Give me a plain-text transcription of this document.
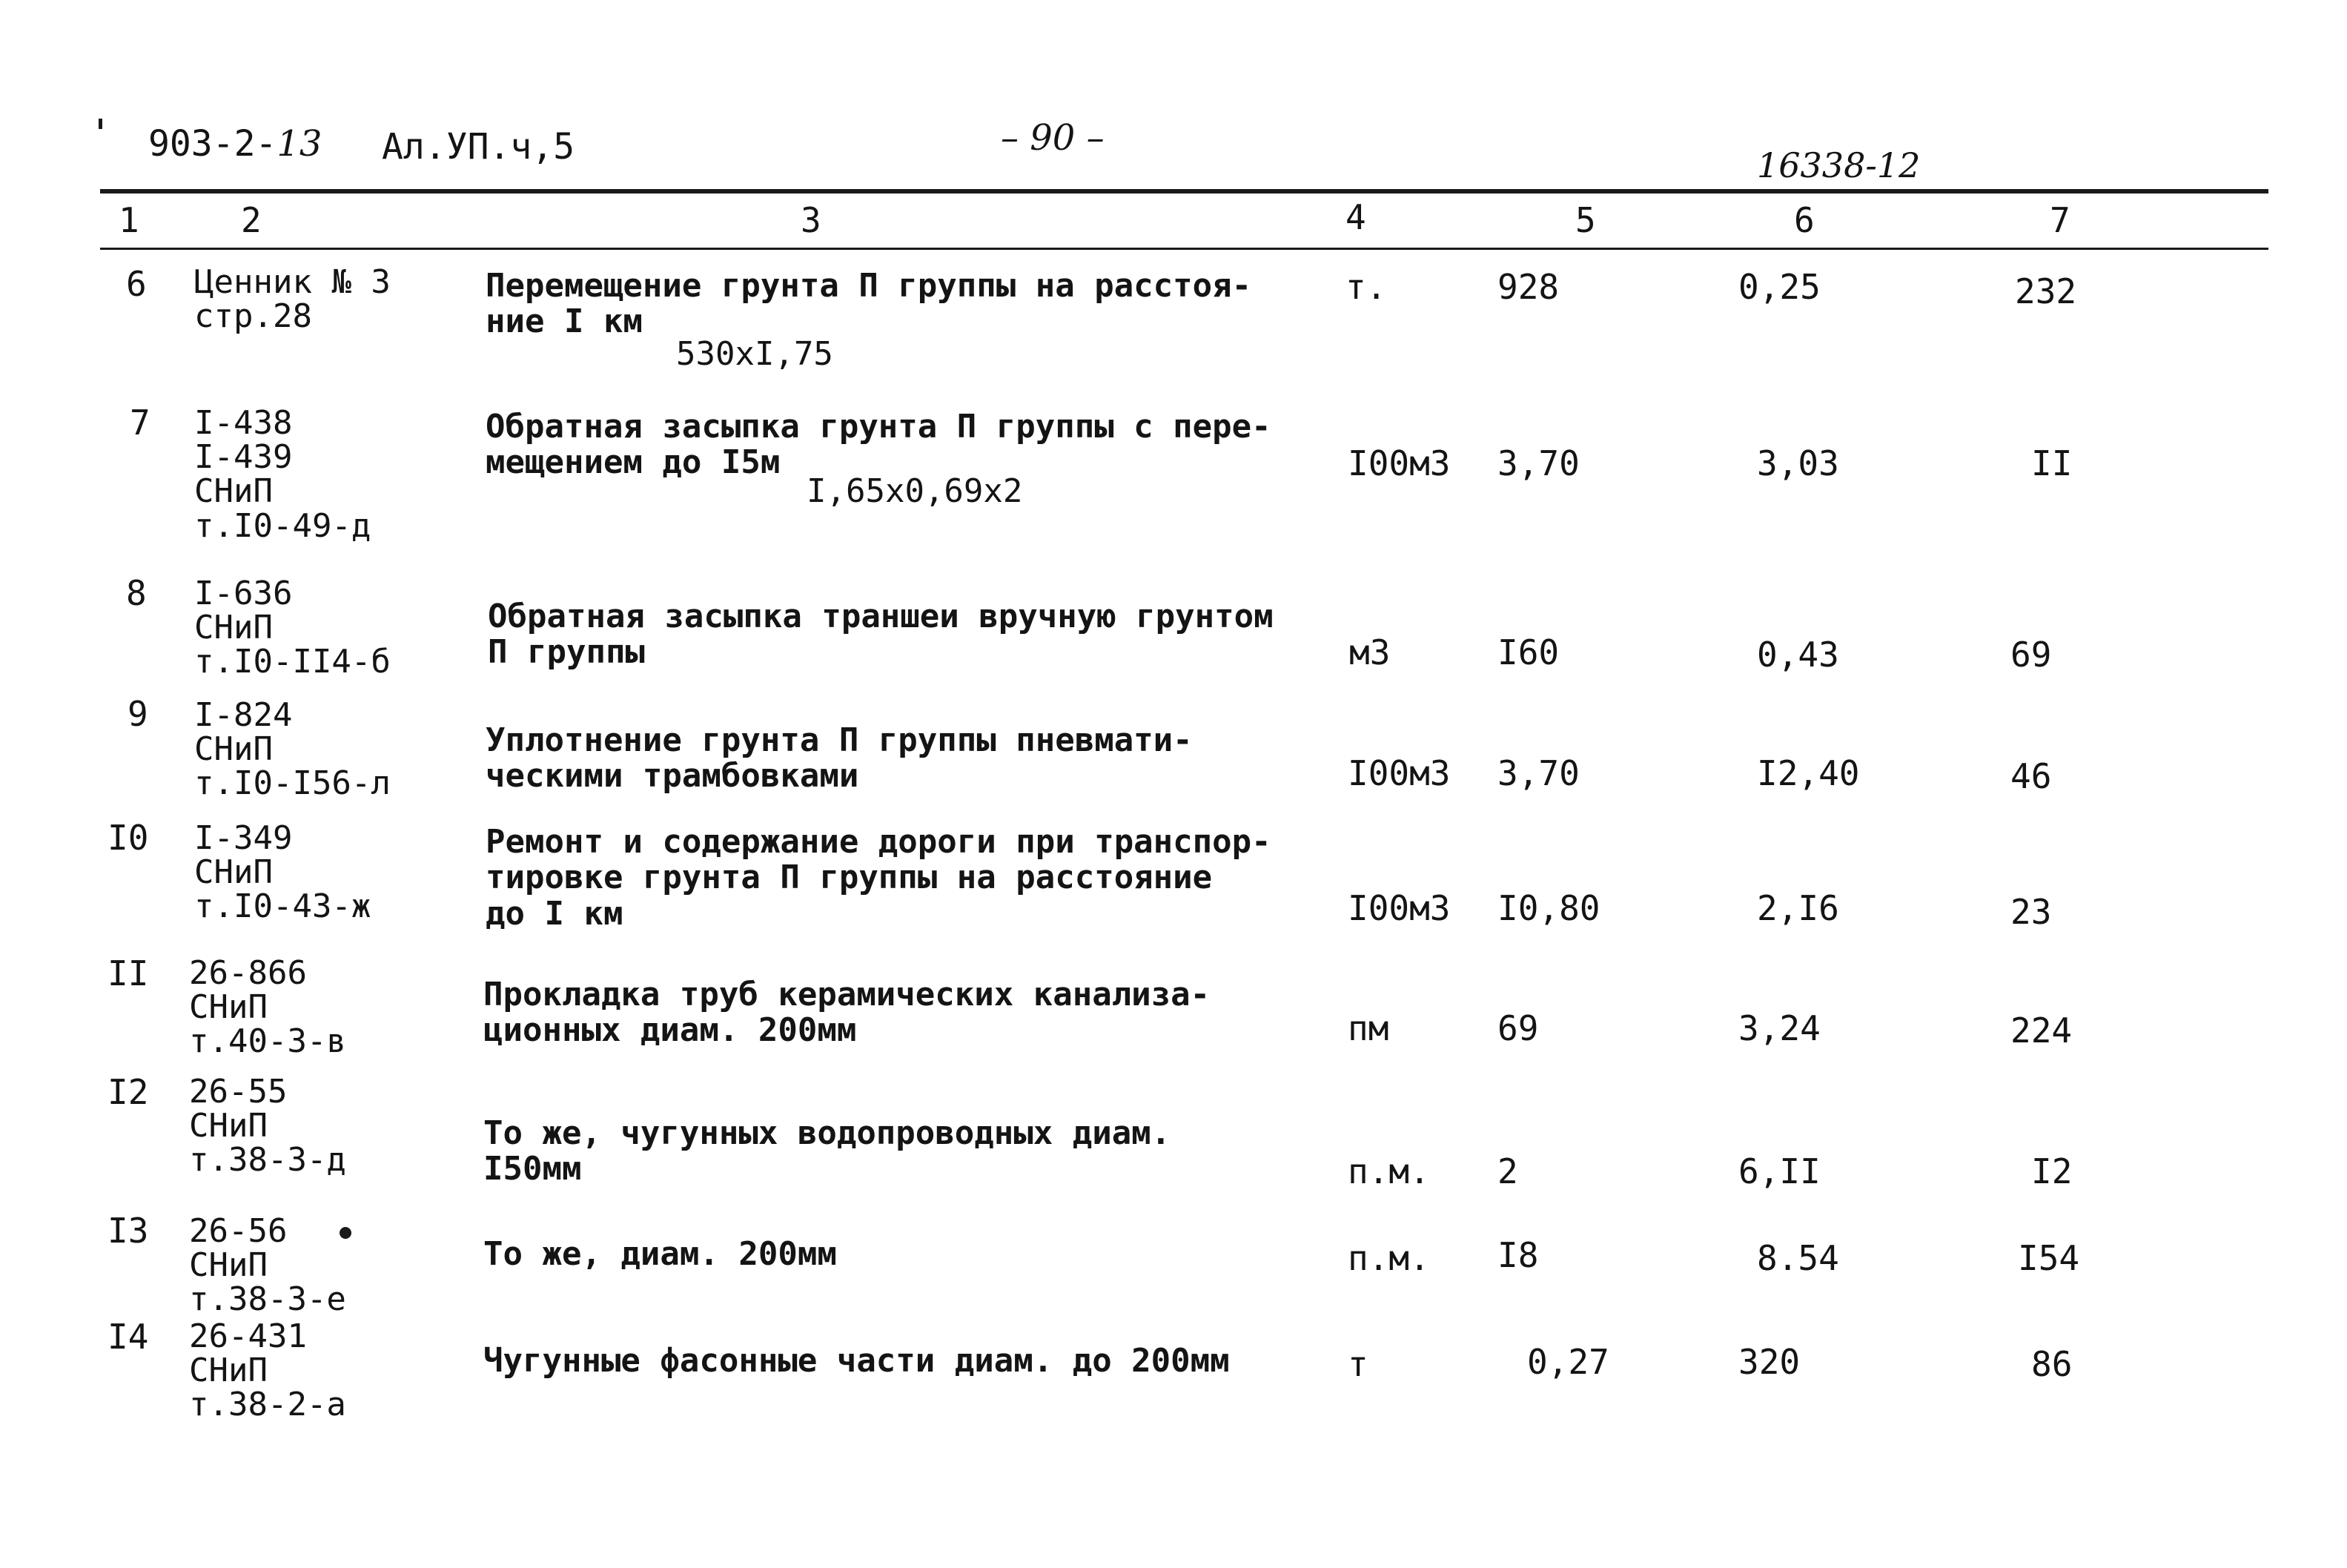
903-2-13 Ал.УП.ч,5	– 90 –
16338-12
1	2	3	4	5	6	7
6 Ценник № 3
стр.28
Перемещение грунта П группы на расстоя-
ние I км
530xI,75
т.	928	0,25	232
7 I-438
I-439
СНиП
т.I0-49-д
Обратная засыпка грунта П группы с пере-
мещением до I5м
I,65x0,69x2
I00м3 3,70	3,03	II
8 I-636
СНиП
т.I0-II4-б
Обратная засыпка траншеи вручную грунтом
П группы	м3	I60	0,43	69
9 I-824
СНиП
т.I0-I56-л
Уплотнение грунта П группы пневмати-
ческими трамбовками	I00м3 3,70	I2,40	46
I0 I-349
СНиП
т.I0-43-ж
Ремонт и содержание дороги при транспор-
тировке грунта П группы на расстояние
до I км	I00м3 I0,80	2,I6	23
II 26-866
СНиП
т.40-3-в
Прокладка труб керамических канализа-
ционных диам. 200мм	пм	69	3,24	224
I2 26-55
СНиП
т.38-3-д
То же, чугунных водопроводных диам.
I50мм	п.м. 2	6,II	I2
I3 26-56
СНиП
т.38-3-е
То же, диам. 200мм	п.м. I8	8.54	I54
I4 26-431
СНиП
т.38-2-а
Чугунные фасонные части диам. до 200мм	т	0,27	320	86
